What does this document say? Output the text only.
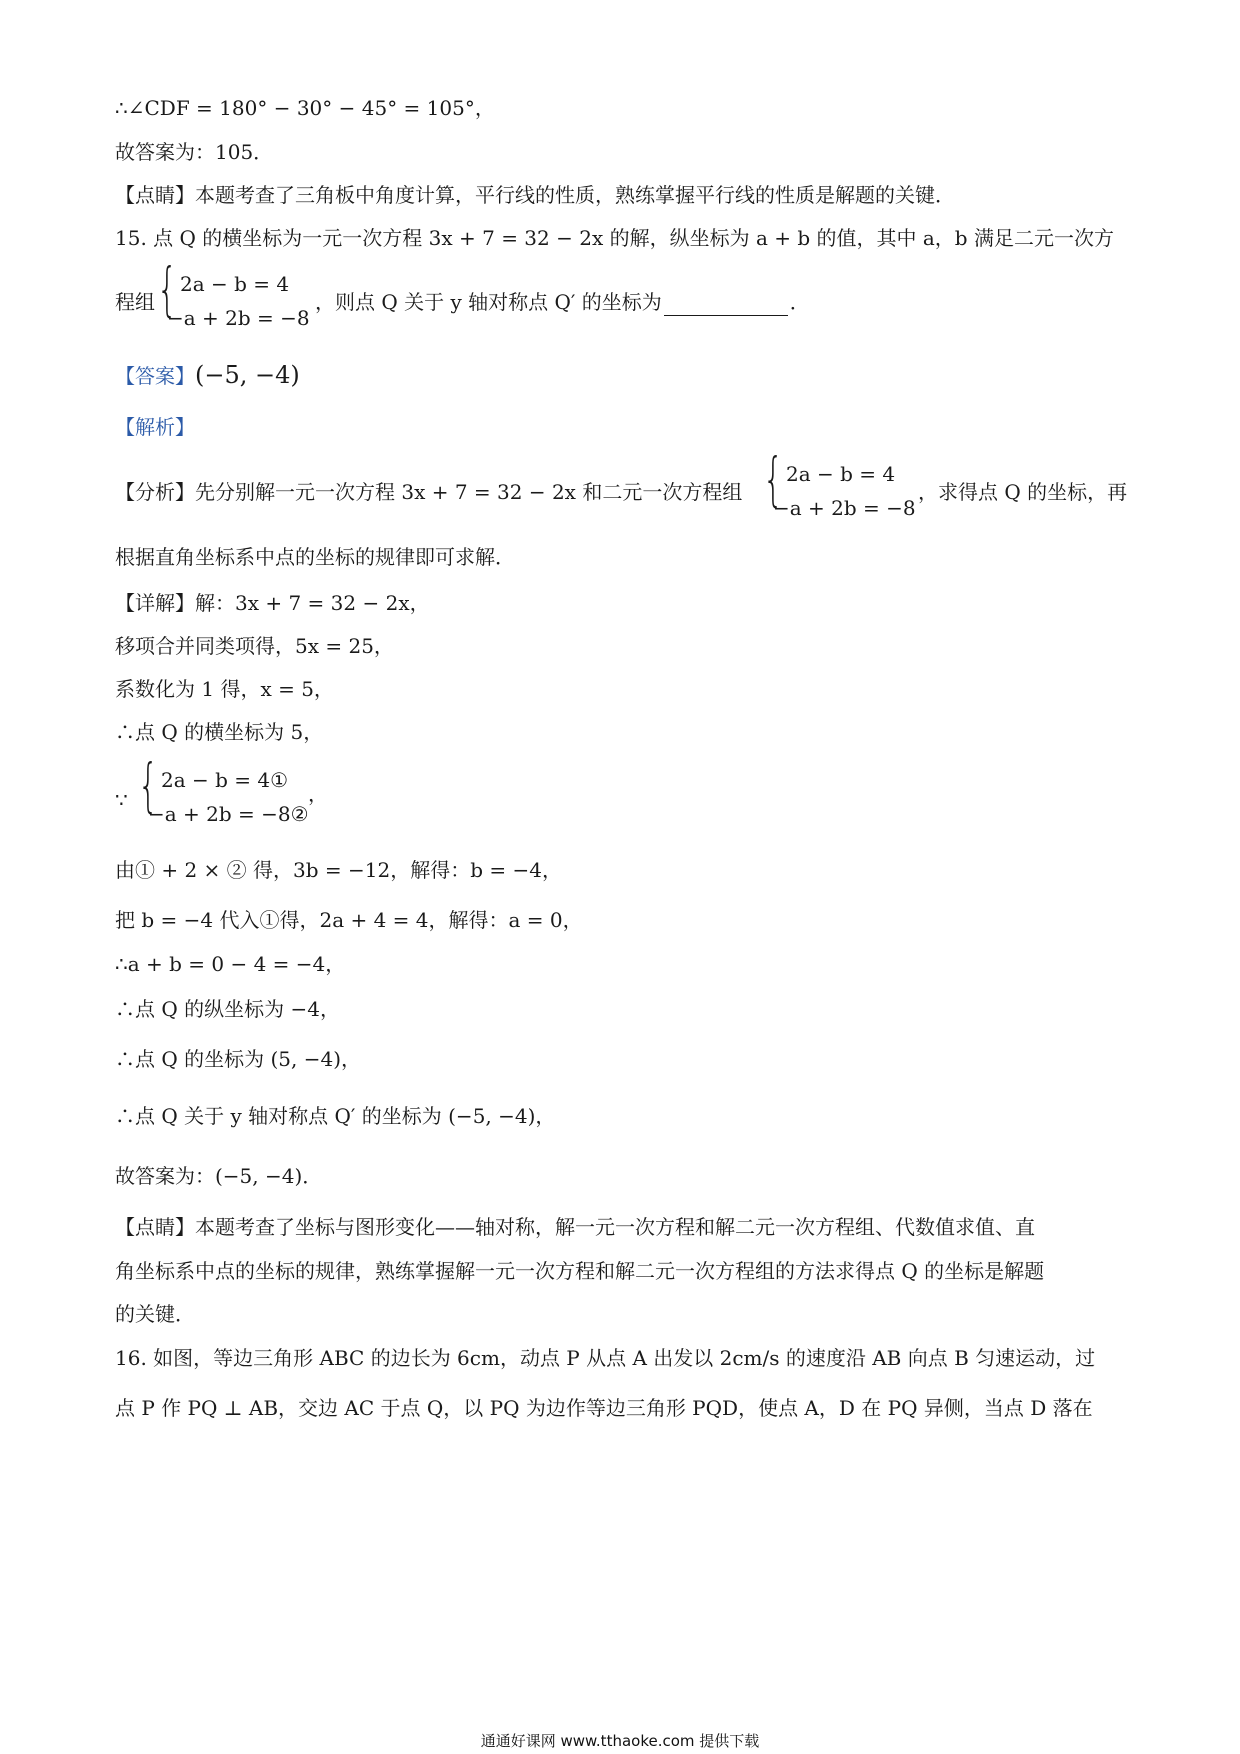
∴∠CDF = 180° − 30° − 45° = 105°，
故答案为：105．
【点睛】本题考查了三角板中角度计算，平行线的性质，熟练掌握平行线的性质是解题的关键．
15. 点 Q 的横坐标为一元一次方程 3x + 7 = 32 − 2x 的解，纵坐标为 a + b 的值，其中 a，b 满足二元一次方
程组 { 2a − b = 4
−a + 2b = −8
，则点 Q 关于 y 轴对称点 Q′ 的坐标为	．
【答案】(−5, −4)
【解析】
【分析】先分别解一元一次方程 3x + 7 = 32 − 2x 和二元一次方程组 { 2a − b = 4
−a + 2b = −8
，求得点 Q 的坐标，再
根据直角坐标系中点的坐标的规律即可求解．
【详解】解：3x + 7 = 32 − 2x，
移项合并同类项得，5x = 25，
系数化为 1 得，x = 5，
∴点 Q 的横坐标为 5，
∵ { 2a − b = 4①
−a + 2b = −8②
，
由① + 2 × ② 得，3b = −12，解得：b = −4，
把 b = −4 代入①得，2a + 4 = 4，解得：a = 0，
∴a + b = 0 − 4 = −4，
∴点 Q 的纵坐标为 −4，
∴点 Q 的坐标为 (5, −4)，
∴点 Q 关于 y 轴对称点 Q′ 的坐标为 (−5, −4)，
故答案为：(−5, −4)．
【点睛】本题考查了坐标与图形变化——轴对称，解一元一次方程和解二元一次方程组、代数值求值、直
角坐标系中点的坐标的规律，熟练掌握解一元一次方程和解二元一次方程组的方法求得点 Q 的坐标是解题
的关键．
16. 如图，等边三角形 ABC 的边长为 6cm，动点 P 从点 A 出发以 2cm/s 的速度沿 AB 向点 B 匀速运动，过
点 P 作 PQ ⊥ AB，交边 AC 于点 Q，以 PQ 为边作等边三角形 PQD，使点 A，D 在 PQ 异侧，当点 D 落在
通通好课网 www.tthaoke.com 提供下载
